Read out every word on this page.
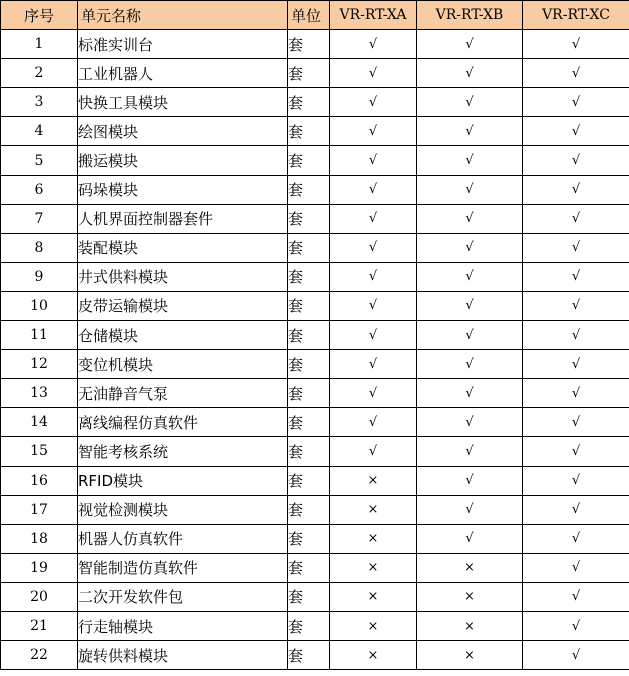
序号	单元名称	单位	VR-RT-XA	VR-RT-XB	VR-RT-XC
1	标准实训台	套	√	√	√
2	工业机器人	套	√	√	√
3	快换工具模块	套	√	√	√
4	绘图模块	套	√	√	√
5	搬运模块	套	√	√	√
6	码垛模块	套	√	√	√
7	人机界面控制器套件	套	√	√	√
8	装配模块	套	√	√	√
9	井式供料模块	套	√	√	√
10	皮带运输模块	套	√	√	√
11	仓储模块	套	√	√	√
12	变位机模块	套	√	√	√
13	无油静音气泵	套	√	√	√
14	离线编程仿真软件	套	√	√	√
15	智能考核系统	套	√	√	√
16	RFID模块	套	×	√	√
17	视觉检测模块	套	×	√	√
18	机器人仿真软件	套	×	√	√
19	智能制造仿真软件	套	×	×	√
20	二次开发软件包	套	×	×	√
21	行走轴模块	套	×	×	√
22	旋转供料模块	套	×	×	√
